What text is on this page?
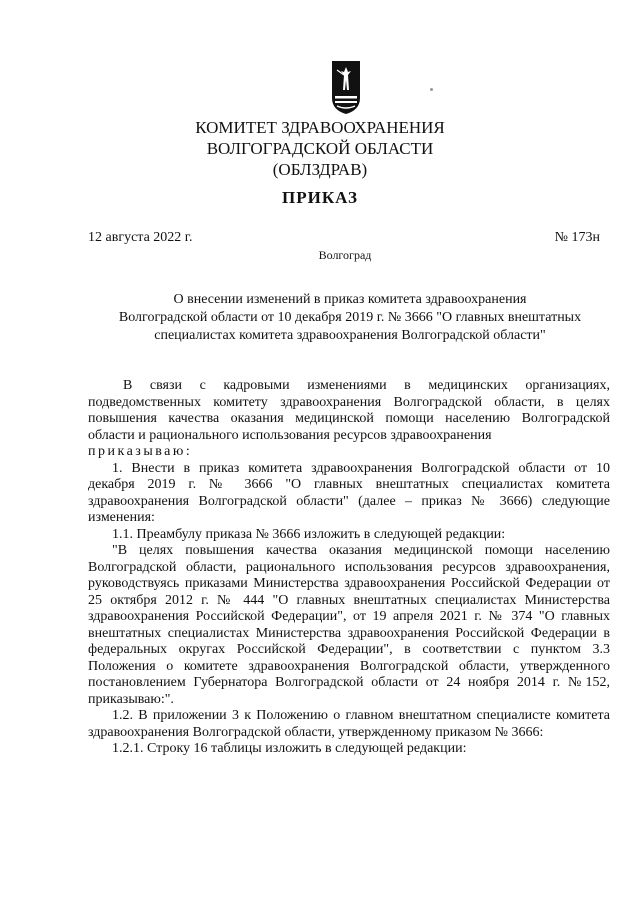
КОМИТЕТ ЗДРАВООХРАНЕНИЯ
ВОЛГОГРАДСКОЙ ОБЛАСТИ
(ОБЛЗДРАВ)
ПРИКАЗ
12 августа 2022 г.	№ 173н
Волгоград
О внесении изменений в приказ комитета здравоохранения
Волгоградской области от 10 декабря 2019 г. № 3666 "О главных внештатных
специалистах комитета здравоохранения Волгоградской области"

В связи с кадровыми изменениями в медицинских организациях, подведомственных комитету здравоохранения Волгоградской области, в целях повышения качества оказания медицинской помощи населению Волгоградской области и рационального использования ресурсов здравоохранения

приказываю:

1. Внести в приказ комитета здравоохранения Волгоградской области от 10 декабря 2019 г. № 3666 "О главных внештатных специалистах комитета здравоохранения Волгоградской области" (далее – приказ № 3666) следующие изменения:

1.1. Преамбулу приказа № 3666 изложить в следующей редакции:

"В целях повышения качества оказания медицинской помощи населению Волгоградской области, рационального использования ресурсов здравоохранения, руководствуясь приказами Министерства здравоохранения Российской Федерации от 25 октября 2012 г. № 444 "О главных внештатных специалистах Министерства здравоохранения Российской Федерации", от 19 апреля 2021 г. № 374 "О главных внештатных специалистах Министерства здравоохранения Российской Федерации в федеральных округах Российской Федерации", в соответствии с пунктом 3.3 Положения о комитете здравоохранения Волгоградской области, утвержденного постановлением Губернатора Волгоградской области от 24 ноября 2014 г. №152, приказываю:".

1.2. В приложении 3 к Положению о главном внештатном специалисте комитета здравоохранения Волгоградской области, утвержденному приказом № 3666:

1.2.1. Строку 16 таблицы изложить в следующей редакции:
